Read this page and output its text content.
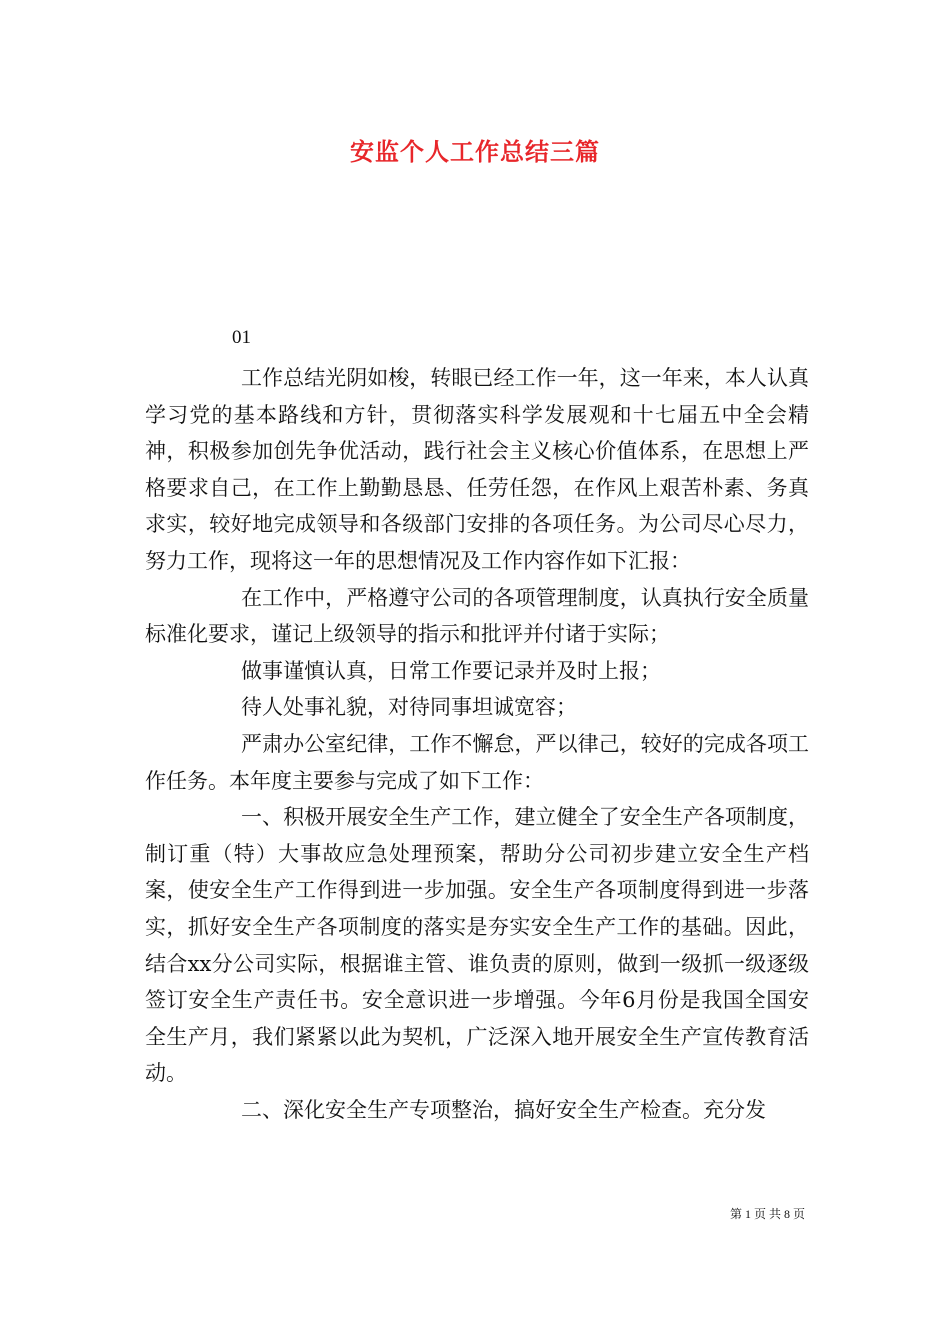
安监个人工作总结三篇
01

工作总结光阴如梭，转眼已经工作一年，这一年来，本人认真学习党的基本路线和方针，贯彻落实科学发展观和十七届五中全会精神，积极参加创先争优活动，践行社会主义核心价值体系，在思想上严格要求自己，在工作上勤勤恳恳、任劳任怨，在作风上艰苦朴素、务真求实，较好地完成领导和各级部门安排的各项任务。为公司尽心尽力，努力工作，现将这一年的思想情况及工作内容作如下汇报：

在工作中，严格遵守公司的各项管理制度，认真执行安全质量标准化要求，谨记上级领导的指示和批评并付诸于实际；

做事谨慎认真，日常工作要记录并及时上报；

待人处事礼貌，对待同事坦诚宽容；

严肃办公室纪律，工作不懈怠，严以律己，较好的完成各项工作任务。本年度主要参与完成了如下工作：

一、积极开展安全生产工作，建立健全了安全生产各项制度，制订重（特）大事故应急处理预案，帮助分公司初步建立安全生产档案，使安全生产工作得到进一步加强。安全生产各项制度得到进一步落实，抓好安全生产各项制度的落实是夯实安全生产工作的基础。因此，结合xx分公司实际，根据谁主管、谁负责的原则，做到一级抓一级逐级签订安全生产责任书。安全意识进一步增强。今年6月份是我国全国安全生产月，我们紧紧以此为契机，广泛深入地开展安全生产宣传教育活动。

二、深化安全生产专项整治，搞好安全生产检查。充分发

第 1 页 共 8 页
